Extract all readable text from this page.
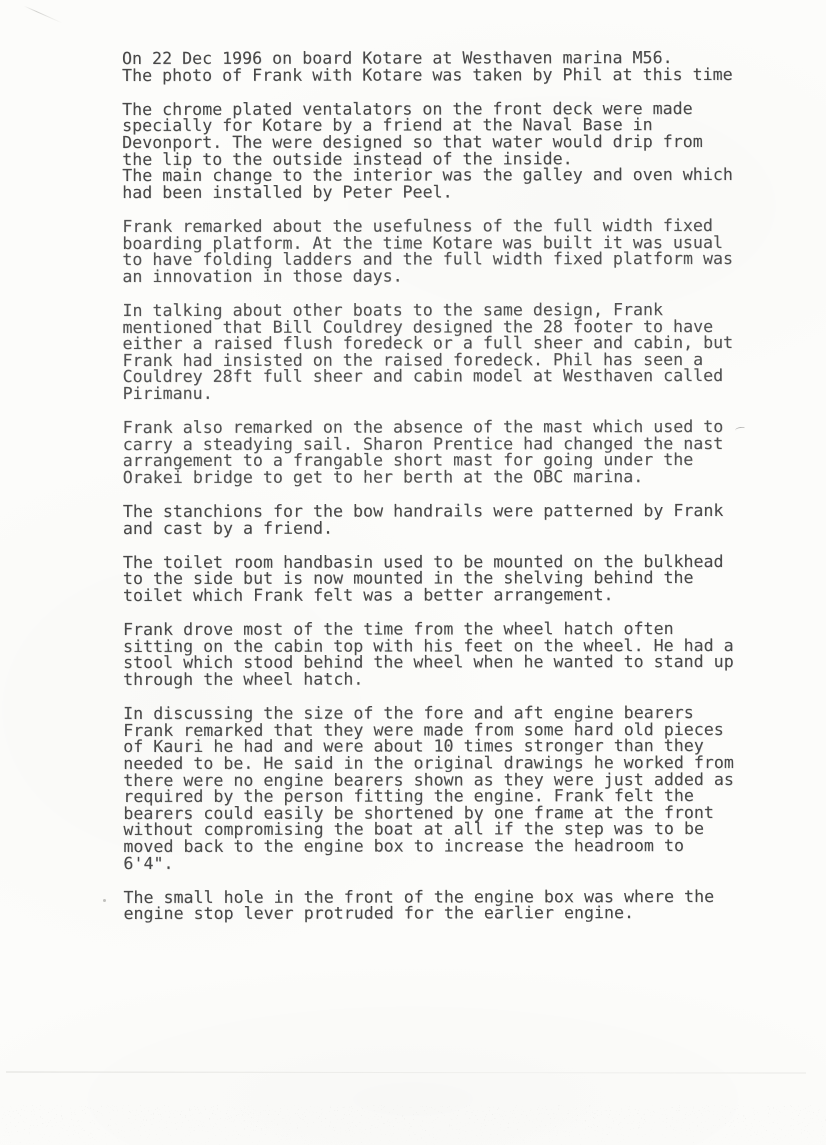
On 22 Dec 1996 on board Kotare at Westhaven marina M56.
The photo of Frank with Kotare was taken by Phil at this time
The chrome plated ventalators on the front deck were made
specially for Kotare by a friend at the Naval Base in
Devonport. The were designed so that water would drip from
the lip to the outside instead of the inside.
The main change to the interior was the galley and oven which
had been installed by Peter Peel.
Frank remarked about the usefulness of the full width fixed
boarding platform. At the time Kotare was built it was usual
to have folding ladders and the full width fixed platform was
an innovation in those days.
In talking about other boats to the same design, Frank
mentioned that Bill Couldrey designed the 28 footer to have
either a raised flush foredeck or a full sheer and cabin, but
Frank had insisted on the raised foredeck. Phil has seen a
Couldrey 28ft full sheer and cabin model at Westhaven called
Pirimanu.
Frank also remarked on the absence of the mast which used to
carry a steadying sail. Sharon Prentice had changed the nast
arrangement to a frangable short mast for going under the
Orakei bridge to get to her berth at the OBC marina.
The stanchions for the bow handrails were patterned by Frank
and cast by a friend.
The toilet room handbasin used to be mounted on the bulkhead
to the side but is now mounted in the shelving behind the
toilet which Frank felt was a better arrangement.
Frank drove most of the time from the wheel hatch often
sitting on the cabin top with his feet on the wheel. He had a
stool which stood behind the wheel when he wanted to stand up
through the wheel hatch.
In discussing the size of the fore and aft engine bearers
Frank remarked that they were made from some hard old pieces
of Kauri he had and were about 10 times stronger than they
needed to be. He said in the original drawings he worked from
there were no engine bearers shown as they were just added as
required by the person fitting the engine. Frank felt the
bearers could easily be shortened by one frame at the front
without compromising the boat at all if the step was to be
moved back to the engine box to increase the headroom to
6'4".
The small hole in the front of the engine box was where the
engine stop lever protruded for the earlier engine.
